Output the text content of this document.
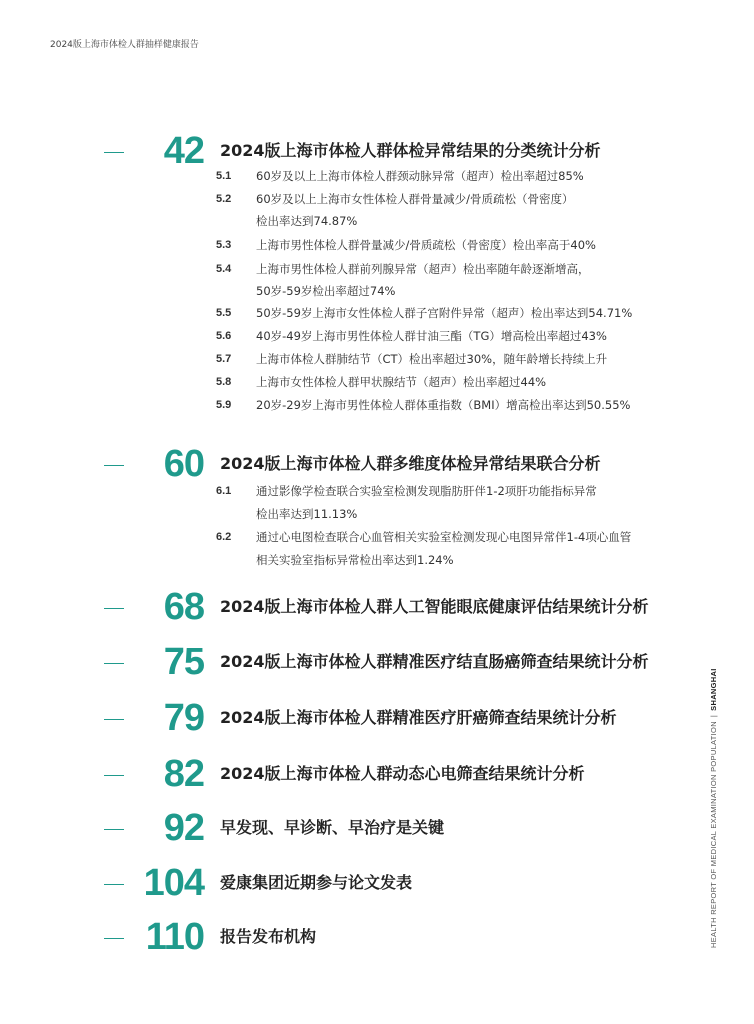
2024版上海市体检人群抽样健康报告
42 2024版上海市体检人群体检异常结果的分类统计分析
5.1	60岁及以上上海市体检人群颈动脉异常（超声）检出率超过85%
5.2	60岁及以上上海市女性体检人群骨量减少/骨质疏松（骨密度）
检出率达到74.87%
5.3	上海市男性体检人群骨量减少/骨质疏松（骨密度）检出率高于40%
5.4	上海市男性体检人群前列腺异常（超声）检出率随年龄逐渐增高，
50岁-59岁检出率超过74%
5.5	50岁-59岁上海市女性体检人群子宫附件异常（超声）检出率达到54.71%
5.6	40岁-49岁上海市男性体检人群甘油三酯（TG）增高检出率超过43%
5.7	上海市体检人群肺结节（CT）检出率超过30%，随年龄增长持续上升
5.8	上海市女性体检人群甲状腺结节（超声）检出率超过44%
5.9	20岁-29岁上海市男性体检人群体重指数（BMI）增高检出率达到50.55%
60 2024版上海市体检人群多维度体检异常结果联合分析
6.1	通过影像学检查联合实验室检测发现脂肪肝伴1-2项肝功能指标异常
检出率达到11.13%
6.2	通过心电图检查联合心血管相关实验室检测发现心电图异常伴1-4项心血管
相关实验室指标异常检出率达到1.24%
68 2024版上海市体检人群人工智能眼底健康评估结果统计分析
75 2024版上海市体检人群精准医疗结直肠癌筛查结果统计分析
79 2024版上海市体检人群精准医疗肝癌筛查结果统计分析
82 2024版上海市体检人群动态心电筛查结果统计分析
92 早发现、早诊断、早治疗是关键
104 爱康集团近期参与论文发表
110 报告发布机构	HEALTH REPORT OF MEDICAL EXAMINATION POPULATION|SHANGHAI
